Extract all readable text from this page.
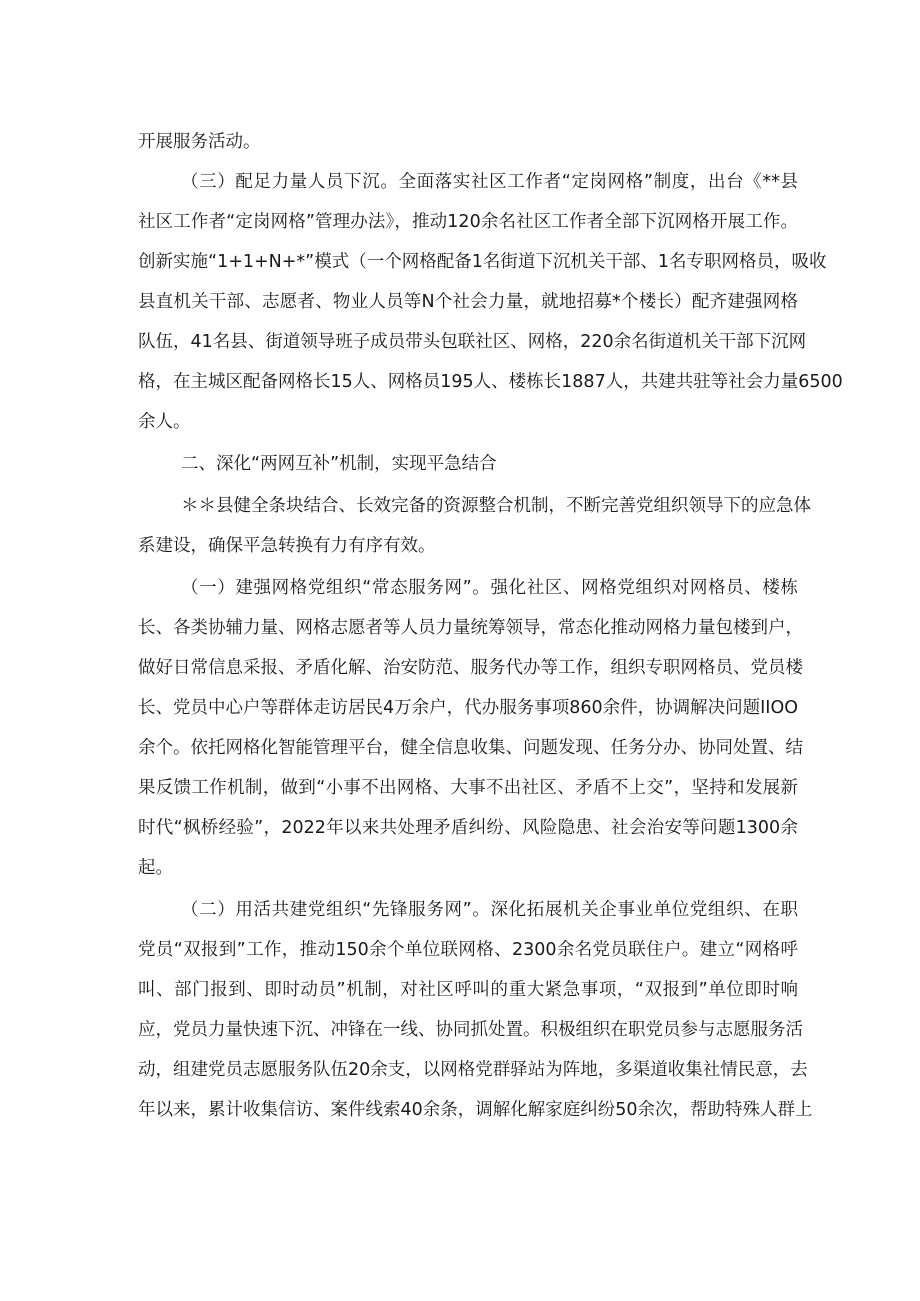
开展服务活动。
（三）配足力量人员下沉。全面落实社区工作者“定岗网格”制度，出台《**县
社区工作者“定岗网格”管理办法》，推动120余名社区工作者全部下沉网格开展工作。
创新实施“1+1+N+*”模式（一个网格配备1名街道下沉机关干部、1名专职网格员，吸收
县直机关干部、志愿者、物业人员等N个社会力量，就地招募*个楼长）配齐建强网格
队伍，41名县、街道领导班子成员带头包联社区、网格，220余名街道机关干部下沉网
格，在主城区配备网格长15人、网格员195人、楼栋长1887人，共建共驻等社会力量6500
余人。
二、深化“两网互补”机制，实现平急结合
＊＊县健全条块结合、长效完备的资源整合机制，不断完善党组织领导下的应急体
系建设，确保平急转换有力有序有效。
（一）建强网格党组织“常态服务网”。强化社区、网格党组织对网格员、楼栋
长、各类协辅力量、网格志愿者等人员力量统筹领导，常态化推动网格力量包楼到户，
做好日常信息采报、矛盾化解、治安防范、服务代办等工作，组织专职网格员、党员楼
长、党员中心户等群体走访居民4万余户，代办服务事项860余件，协调解决问题IIOO
余个。依托网格化智能管理平台，健全信息收集、问题发现、任务分办、协同处置、结
果反馈工作机制，做到“小事不出网格、大事不出社区、矛盾不上交”，坚持和发展新
时代“枫桥经验”，2022年以来共处理矛盾纠纷、风险隐患、社会治安等问题1300余
起。
（二）用活共建党组织“先锋服务网”。深化拓展机关企事业单位党组织、在职
党员“双报到”工作，推动150余个单位联网格、2300余名党员联住户。建立“网格呼
叫、部门报到、即时动员”机制，对社区呼叫的重大紧急事项，“双报到”单位即时响
应，党员力量快速下沉、冲锋在一线、协同抓处置。积极组织在职党员参与志愿服务活
动，组建党员志愿服务队伍20余支，以网格党群驿站为阵地，多渠道收集社情民意，去
年以来，累计收集信访、案件线索40余条，调解化解家庭纠纷50余次，帮助特殊人群上
